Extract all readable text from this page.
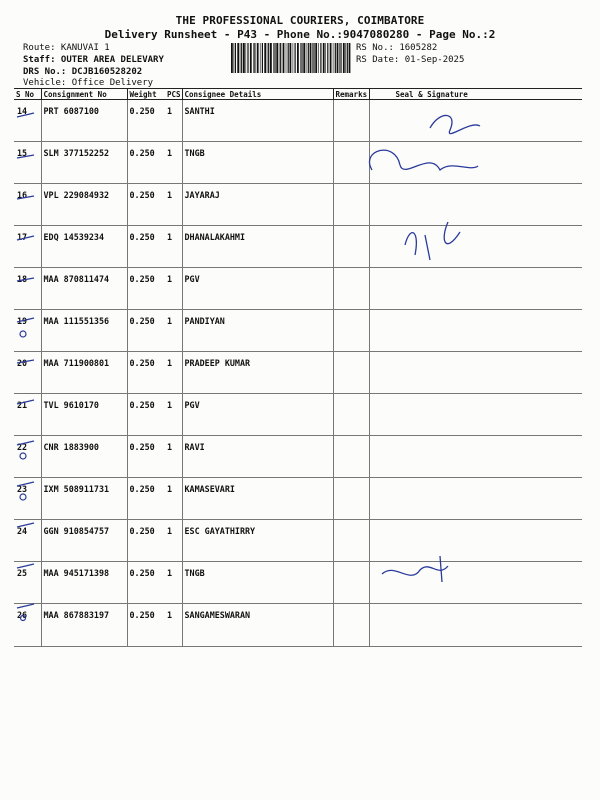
THE PROFESSIONAL COURIERS, COIMBATORE
Delivery Runsheet - P43 - Phone No.:9047080280 - Page No.:2
Route: KANUVAI 1
Staff: OUTER AREA DELEVARY
DRS No.: DCJB160528202
Vehicle: Office Delivery
RS No.: 1605282
RS Date: 01-Sep-2025
S No	Consignment No	Weight	PCS	Consignee Details	Remarks	Seal & Signature
14	PRT 6087100	0.250	1	SANTHI		
15	SLM 377152252	0.250	1	TNGB		
16	VPL 229084932	0.250	1	JAYARAJ		
17	EDQ 14539234	0.250	1	DHANALAKAHMI		
18	MAA 870811474	0.250	1	PGV		
19	MAA 111551356	0.250	1	PANDIYAN		
20	MAA 711900801	0.250	1	PRADEEP KUMAR		
21	TVL 9610170	0.250	1	PGV		
22	CNR 1883900	0.250	1	RAVI		
23	IXM 508911731	0.250	1	KAMASEVARI		
24	GGN 910854757	0.250	1	ESC GAYATHIRRY		
25	MAA 945171398	0.250	1	TNGB		
26	MAA 867883197	0.250	1	SANGAMESWARAN		
7442514841
8248203172
Jayaraj Prakash
82750
88700
9994998661
r. m. Ramgithu
9751724086
P/R
Bharath Pranesh
9843784047
r. m Ramgithu
9751724086
P/R
P/R
Gayathri
9688755888
8248203172
P/R
